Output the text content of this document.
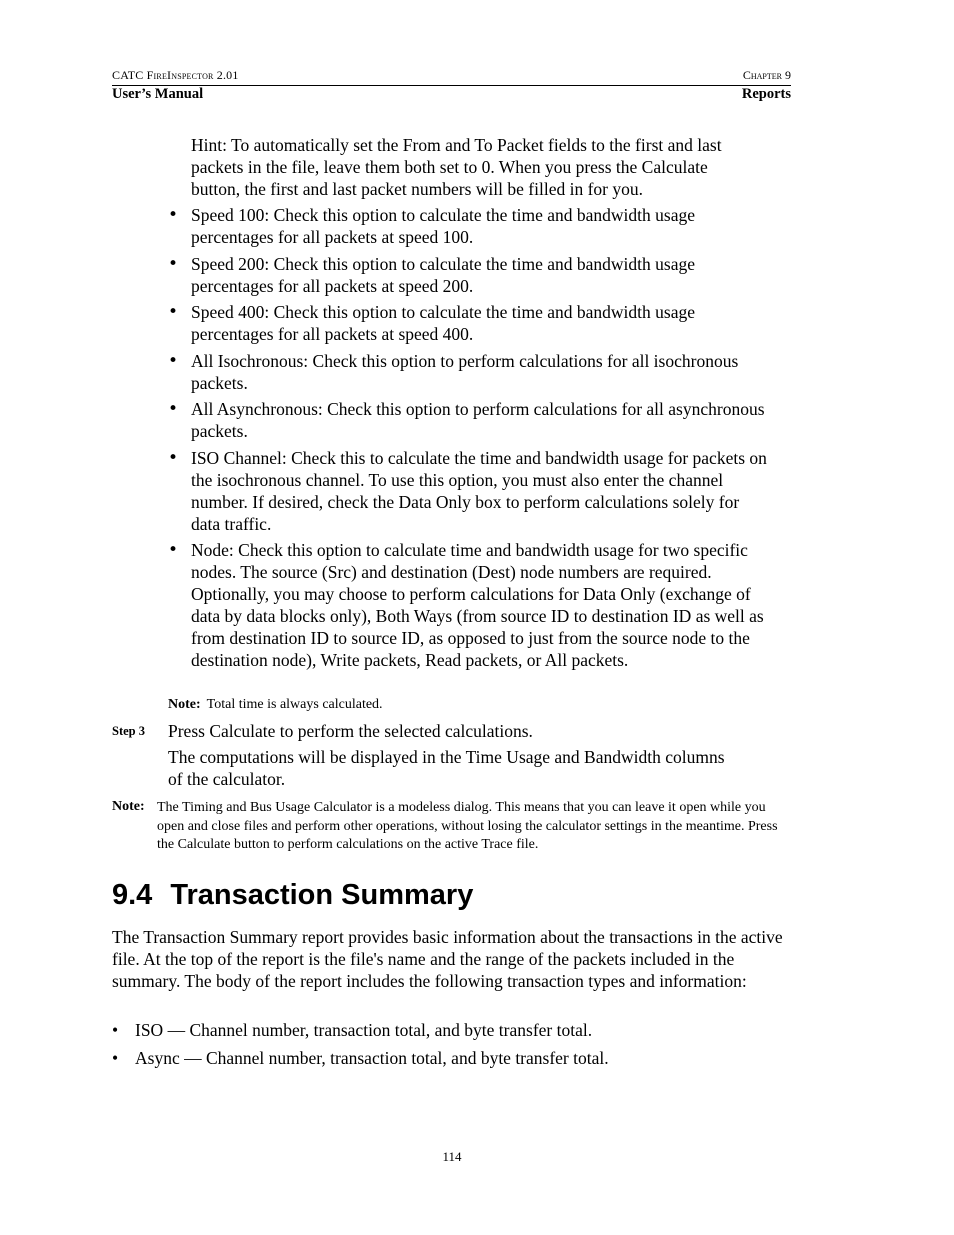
CATC FireInspector 2.01	Chapter 9
User’s Manual	Reports
Hint: To automatically set the From and To Packet fields to the first and last packets in the file, leave them both set to 0. When you press the Calculate button, the first and last packet numbers will be filled in for you.
• Speed 100: Check this option to calculate the time and bandwidth usage percentages for all packets at speed 100.
• Speed 200: Check this option to calculate the time and bandwidth usage percentages for all packets at speed 200.
• Speed 400: Check this option to calculate the time and bandwidth usage percentages for all packets at speed 400.
• All Isochronous: Check this option to perform calculations for all isochronous packets.
• All Asynchronous: Check this option to perform calculations for all asynchronous packets.
• ISO Channel: Check this to calculate the time and bandwidth usage for packets on the isochronous channel. To use this option, you must also enter the channel number. If desired, check the Data Only box to perform calculations solely for data traffic.
• Node: Check this option to calculate time and bandwidth usage for two specific nodes. The source (Src) and destination (Dest) node numbers are required. Optionally, you may choose to perform calculations for Data Only (exchange of data by data blocks only), Both Ways (from source ID to destination ID as well as from destination ID to source ID, as opposed to just from the source node to the destination node), Write packets, Read packets, or All packets.
Note: Total time is always calculated.
Step 3 Press Calculate to perform the selected calculations.
The computations will be displayed in the Time Usage and Bandwidth columns of the calculator.
Note: The Timing and Bus Usage Calculator is a modeless dialog. This means that you can leave it open while you open and close files and perform other operations, without losing the calculator settings in the meantime. Press the Calculate button to perform calculations on the active Trace file.
9.4 Transaction Summary
The Transaction Summary report provides basic information about the transactions in the active file. At the top of the report is the file's name and the range of the packets included in the summary. The body of the report includes the following transaction types and information:
• ISO — Channel number, transaction total, and byte transfer total.
• Async — Channel number, transaction total, and byte transfer total.
114
